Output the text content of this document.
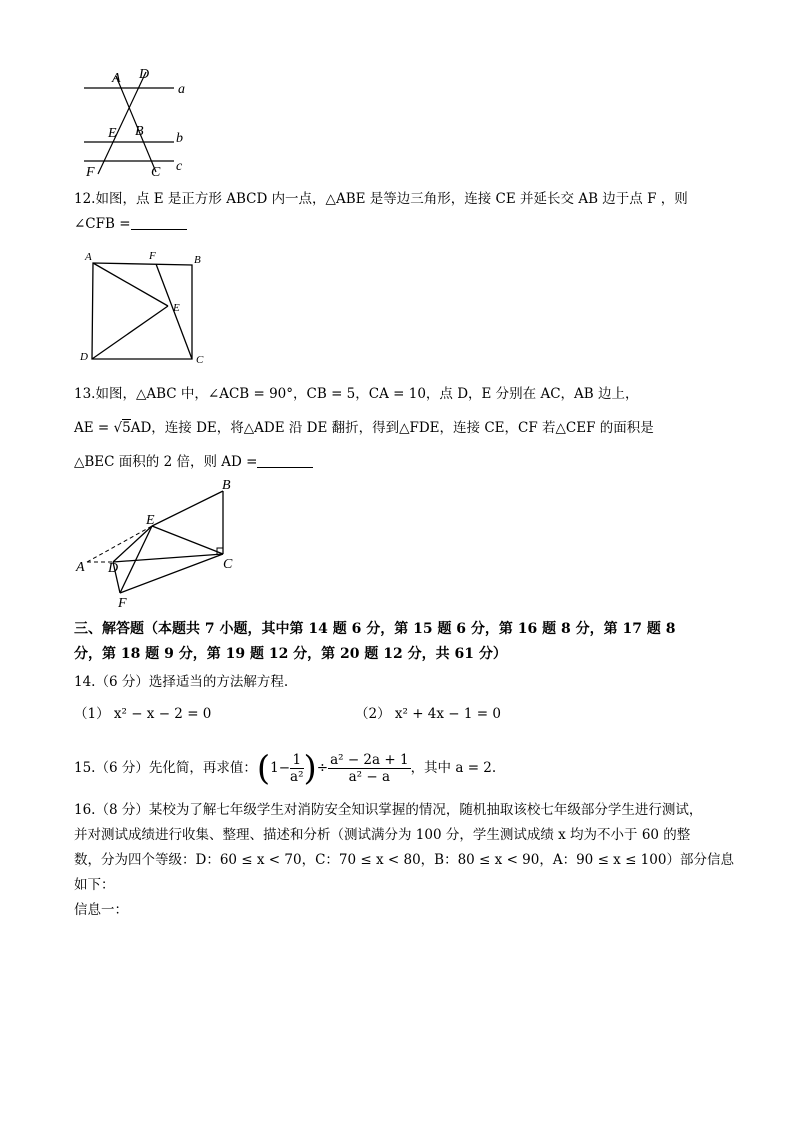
A D
a
E B b
F	C c
12.如图，点 E 是正方形 ABCD 内一点，△ABE 是等边三角形，连接 CE 并延长交 AB 边于点 F ，则
∠CFB =
A	F	B
E
D	C
13.如图，△ABC 中，∠ACB = 90°，CB = 5，CA = 10，点 D，E 分别在 AC，AB 边上，
AE = √5AD，连接 DE，将△ADE 沿 DE 翻折，得到△FDE，连接 CE，CF 若△CEF 的面积是
△BEC 面积的 2 倍，则 AD =
B
E
A D	C
F
三、解答题（本题共 7 小题，其中第 14 题 6 分，第 15 题 6 分，第 16 题 8 分，第 17 题 8
分，第 18 题 9 分，第 19 题 12 分，第 20 题 12 分，共 61 分）
14.（6 分）选择适当的方法解方程.
（1） x² − x − 2 = 0	（2） x² + 4x − 1 = 0
15.（6 分）先化简，再求值：($1- \frac{1}{\text{a²}}$ )÷ $\frac{\text{a² − 2a + 1}}{\text{a² − a}}$ ，其中 a = 2.
16.（8 分）某校为了解七年级学生对消防安全知识掌握的情况，随机抽取该校七年级部分学生进行测试，
并对测试成绩进行收集、整理、描述和分析（测试满分为 100 分，学生测试成绩 x 均为不小于 60 的整
数，分为四个等级：D：60 ≤ x < 70，C：70 ≤ x < 80，B：80 ≤ x < 90，A：90 ≤ x ≤ 100）部分信息
如下：
信息一：
